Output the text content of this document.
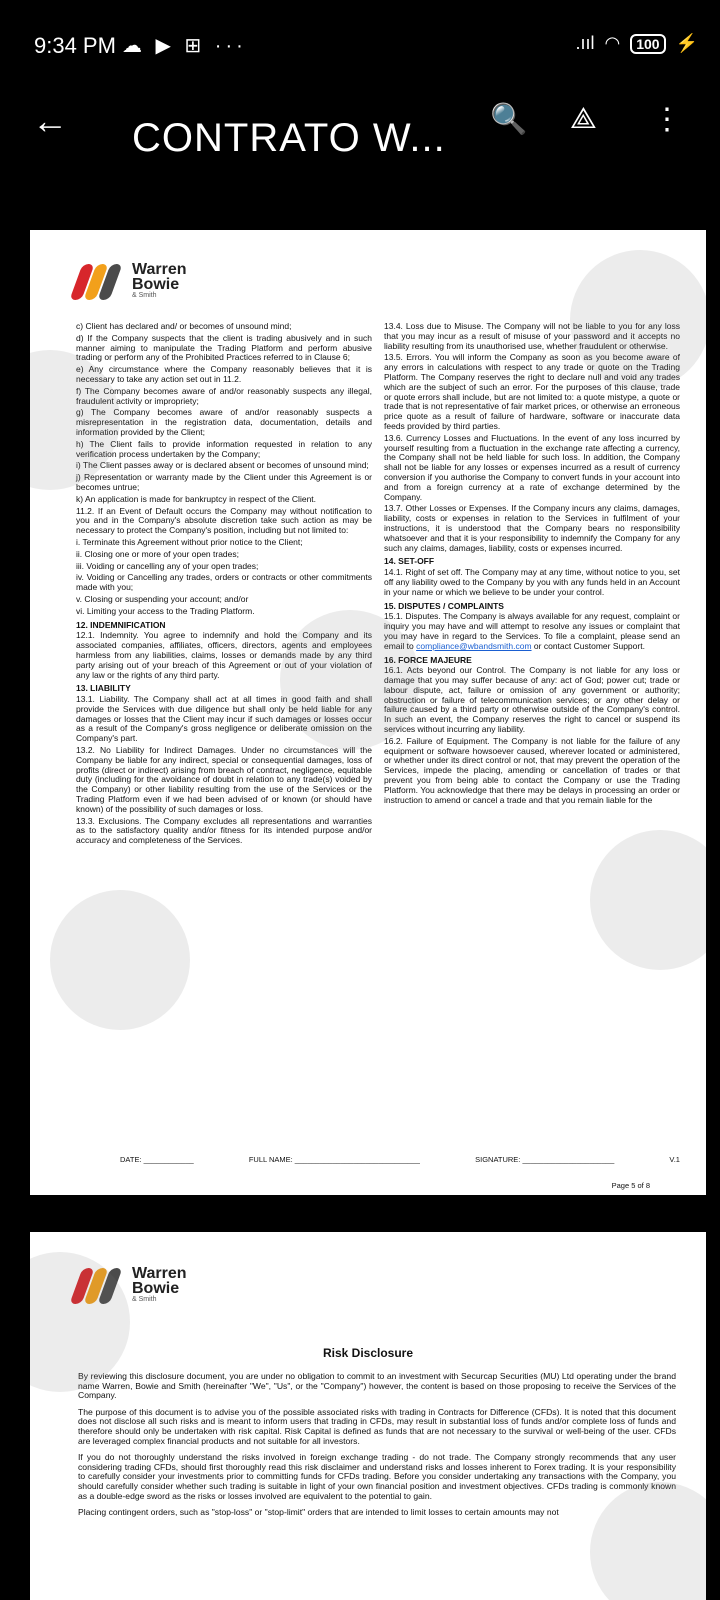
9:34 PM ☁ ▶ ⊞ ···	.ııl ◠	100 ⚡
← CONTRATO W... 🔍 ⟁ ⋮
Warren
Bowie
& Smith

c) Client has declared and/ or becomes of unsound mind;

d) If the Company suspects that the client is trading abusively and in such manner aiming to manipulate the Trading Platform and perform abusive trading or perform any of the Prohibited Practices referred to in Clause 6;

e) Any circumstance where the Company reasonably believes that it is necessary to take any action set out in 11.2.

f) The Company becomes aware of and/or reasonably suspects any illegal, fraudulent activity or impropriety;

g) The Company becomes aware of and/or reasonably suspects a misrepresentation in the registration data, documentation, details and information provided by the Client;

h) The Client fails to provide information requested in relation to any verification process undertaken by the Company;

i) The Client passes away or is declared absent or becomes of unsound mind;

j) Representation or warranty made by the Client under this Agreement is or becomes untrue;

k) An application is made for bankruptcy in respect of the Client.

11.2. If an Event of Default occurs the Company may without notification to you and in the Company's absolute discretion take such action as may be necessary to protect the Company's position, including but not limited to:

i. Terminate this Agreement without prior notice to the Client;

ii. Closing one or more of your open trades;

iii. Voiding or cancelling any of your open trades;

iv. Voiding or Cancelling any trades, orders or contracts or other commitments made with you;

v. Closing or suspending your account; and/or

vi. Limiting your access to the Trading Platform.

12. INDEMNIFICATION

12.1. Indemnity. You agree to indemnify and hold the Company and its associated companies, affiliates, officers, directors, agents and employees harmless from any liabilities, claims, losses or demands made by any third party arising out of your breach of this Agreement or out of your violation of any law or the rights of any third party.

13. LIABILITY

13.1. Liability. The Company shall act at all times in good faith and shall provide the Services with due diligence but shall only be held liable for any damages or losses that the Client may incur if such damages or losses occur as a result of the Company's gross negligence or deliberate omission on the Company's part.

13.2. No Liability for Indirect Damages. Under no circumstances will the Company be liable for any indirect, special or consequential damages, loss of profits (direct or indirect) arising from breach of contract, negligence, equitable duty (including for the avoidance of doubt in relation to any trade(s) voided by the Company) or other liability resulting from the use of the Services or the Trading Platform even if we had been advised of or known (or should have known) of the possibility of such damages or loss.

13.3. Exclusions. The Company excludes all representations and warranties as to the satisfactory quality and/or fitness for its intended purpose and/or accuracy and completeness of the Services.

13.4. Loss due to Misuse. The Company will not be liable to you for any loss that you may incur as a result of misuse of your password and it accepts no liability resulting from its unauthorised use, whether fraudulent or otherwise.

13.5. Errors. You will inform the Company as soon as you become aware of any errors in calculations with respect to any trade or quote on the Trading Platform. The Company reserves the right to declare null and void any trades which are the subject of such an error. For the purposes of this clause, trade or quote errors shall include, but are not limited to: a quote mistype, a quote or trade that is not representative of fair market prices, or otherwise an erroneous price quote as a result of failure of hardware, software or inaccurate data feeds provided by third parties.

13.6. Currency Losses and Fluctuations. In the event of any loss incurred by yourself resulting from a fluctuation in the exchange rate affecting a currency, the Company shall not be held liable for such loss. In addition, the Company shall not be liable for any losses or expenses incurred as a result of currency conversion if you authorise the Company to convert funds in your account into and from a foreign currency at a rate of exchange determined by the Company.

13.7. Other Losses or Expenses. If the Company incurs any claims, damages, liability, costs or expenses in relation to the Services in fulfilment of your instructions, it is understood that the Company bears no responsibility whatsoever and that it is your responsibility to indemnify the Company for any such any claims, damages, liability, costs or expenses incurred.

14. SET-OFF

14.1. Right of set off. The Company may at any time, without notice to you, set off any liability owed to the Company by you with any funds held in an Account in your name or which we believe to be under your control.

15. DISPUTES / COMPLAINTS

15.1. Disputes. The Company is always available for any request, complaint or inquiry you may have and will attempt to resolve any issues or complaint that you may have in regard to the Services. To file a complaint, please send an email to compliance@wbandsmith.com or contact Customer Support.

16. FORCE MAJEURE

16.1. Acts beyond our Control. The Company is not liable for any loss or damage that you may suffer because of any: act of God; power cut; trade or labour dispute, act, failure or omission of any government or authority; obstruction or failure of telecommunication services; or any other delay or failure caused by a third party or otherwise outside of the Company's control. In such an event, the Company reserves the right to cancel or suspend its services without incurring any liability.

16.2. Failure of Equipment. The Company is not liable for the failure of any equipment or software howsoever caused, wherever located or administered, or whether under its direct control or not, that may prevent the operation of the Services, impede the placing, amending or cancellation of trades or that prevent you from being able to contact the Company or use the Trading Platform. You acknowledge that there may be delays in processing an order or instruction to amend or cancel a trade and that you remain liable for the

DATE: ____________	FULL NAME: ______________________________	SIGNATURE: ______________________	V.1
Page 5 of 8
Warren
Bowie
& Smith
Risk Disclosure

By reviewing this disclosure document, you are under no obligation to commit to an investment with Securcap Securities (MU) Ltd operating under the brand name Warren, Bowie and Smith (hereinafter "We", "Us", or the "Company") however, the content is based on those proposing to receive the Services of the Company.

The purpose of this document is to advise you of the possible associated risks with trading in Contracts for Difference (CFDs). It is noted that this document does not disclose all such risks and is meant to inform users that trading in CFDs, may result in substantial loss of funds and/or complete loss of funds and therefore should only be undertaken with risk capital. Risk Capital is defined as funds that are not necessary to the survival or well-being of the user. CFDs are leveraged complex financial products and not suitable for all investors.

If you do not thoroughly understand the risks involved in foreign exchange trading - do not trade. The Company strongly recommends that any user considering trading CFDs, should first thoroughly read this risk disclaimer and understand risks and losses inherent to Forex trading. It is your responsibility to carefully consider your investments prior to committing funds for CFDs trading. Before you consider undertaking any transactions with the Company, you should carefully consider whether such trading is suitable in light of your own financial position and investment objectives. CFDs trading is commonly known as a double-edge sword as the risks or losses involved are equivalent to the potential to gain.

Placing contingent orders, such as "stop-loss" or "stop-limit" orders that are intended to limit losses to certain amounts may not
